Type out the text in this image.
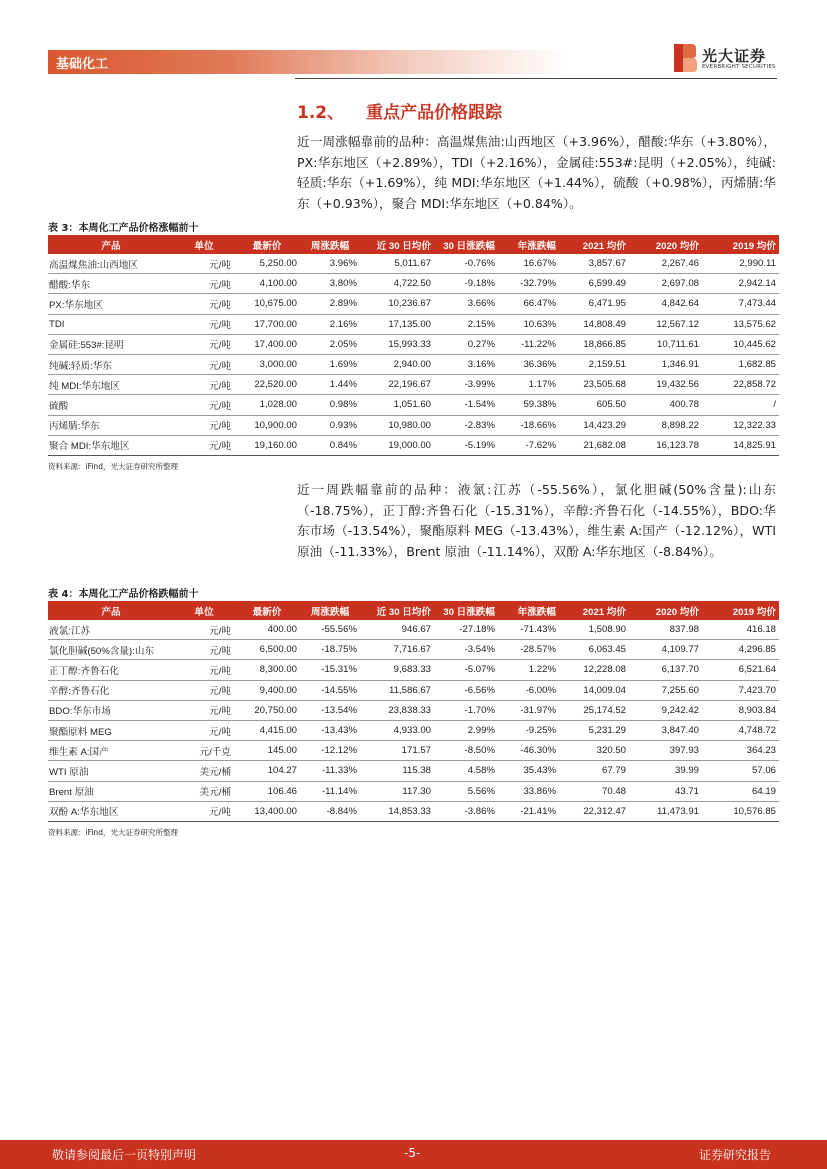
基础化工	光大证券
EVERBRIGHT SECURITIES
1.2、 重点产品价格跟踪
近一周涨幅靠前的品种：高温煤焦油:山西地区（+3.96%），醋酸:华东（+3.80%），PX:华东地区（+2.89%），TDI（+2.16%），金属硅:553#:昆明（+2.05%），纯碱:轻质:华东（+1.69%），纯 MDI:华东地区（+1.44%），硫酸（+0.98%），丙烯腈:华东（+0.93%），聚合 MDI:华东地区（+0.84%）。
表 3：本周化工产品价格涨幅前十
产品	单位	最新价	周涨跌幅	近 30 日均价	30 日涨跌幅	年涨跌幅	2021 均价	2020 均价	2019 均价
高温煤焦油:山西地区	元/吨	5,250.00	3.96%	5,011.67	-0.76%	16.67%	3,857.67	2,267.46	2,990.11
醋酸:华东	元/吨	4,100.00	3.80%	4,722.50	-9.18%	-32.79%	6,599.49	2,697.08	2,942.14
PX:华东地区	元/吨	10,675.00	2.89%	10,236.67	3.66%	66.47%	6,471.95	4,842.64	7,473.44
TDI	元/吨	17,700.00	2.16%	17,135.00	2.15%	10.63%	14,808.49	12,567.12	13,575.62
金属硅:553#:昆明	元/吨	17,400.00	2.05%	15,993.33	0.27%	-11.22%	18,866.85	10,711.61	10,445.62
纯碱:轻质:华东	元/吨	3,000.00	1.69%	2,940.00	3.16%	36.36%	2,159.51	1,346.91	1,682.85
纯 MDI:华东地区	元/吨	22,520.00	1.44%	22,196.67	-3.99%	1.17%	23,505.68	19,432.56	22,858.72
硫酸	元/吨	1,028.00	0.98%	1,051.60	-1.54%	59.38%	605.50	400.78	/
丙烯腈:华东	元/吨	10,900.00	0.93%	10,980.00	-2.83%	-18.66%	14,423.29	8,898.22	12,322.33
聚合 MDI:华东地区	元/吨	19,160.00	0.84%	19,000.00	-5.19%	-7.62%	21,682.08	16,123.78	14,825.91
资料来源：iFind，光大证券研究所整理
近一周跌幅靠前的品种：液氯:江苏（-55.56%），氯化胆碱(50%含量):山东（-18.75%），正丁醇:齐鲁石化（-15.31%），辛醇:齐鲁石化（-14.55%），BDO:华东市场（-13.54%），聚酯原料 MEG（-13.43%），维生素 A:国产（-12.12%），WTI 原油（-11.33%），Brent 原油（-11.14%），双酚 A:华东地区（-8.84%）。
表 4：本周化工产品价格跌幅前十
产品	单位	最新价	周涨跌幅	近 30 日均价	30 日涨跌幅	年涨跌幅	2021 均价	2020 均价	2019 均价
液氯:江苏	元/吨	400.00	-55.56%	946.67	-27.18%	-71.43%	1,508.90	837.98	416.18
氯化胆碱(50%含量):山东	元/吨	6,500.00	-18.75%	7,716.67	-3.54%	-28.57%	6,063.45	4,109.77	4,296.85
正丁醇:齐鲁石化	元/吨	8,300.00	-15.31%	9,683.33	-5.07%	1.22%	12,228.08	6,137.70	6,521.64
辛醇:齐鲁石化	元/吨	9,400.00	-14.55%	11,586.67	-6.56%	-6.00%	14,009.04	7,255.60	7,423.70
BDO:华东市场	元/吨	20,750.00	-13.54%	23,838.33	-1.70%	-31.97%	25,174.52	9,242.42	8,903.84
聚酯原料 MEG	元/吨	4,415.00	-13.43%	4,933.00	2.99%	-9.25%	5,231.29	3,847.40	4,748.72
维生素 A:国产	元/千克	145.00	-12.12%	171.57	-8.50%	-46.30%	320.50	397.93	364.23
WTI 原油	美元/桶	104.27	-11.33%	115.38	4.58%	35.43%	67.79	39.99	57.06
Brent 原油	美元/桶	106.46	-11.14%	117.30	5.56%	33.86%	70.48	43.71	64.19
双酚 A:华东地区	元/吨	13,400.00	-8.84%	14,853.33	-3.86%	-21.41%	22,312.47	11,473.91	10,576.85
资料来源：iFind，光大证券研究所整理
敬请参阅最后一页特别声明	-5-	证券研究报告
